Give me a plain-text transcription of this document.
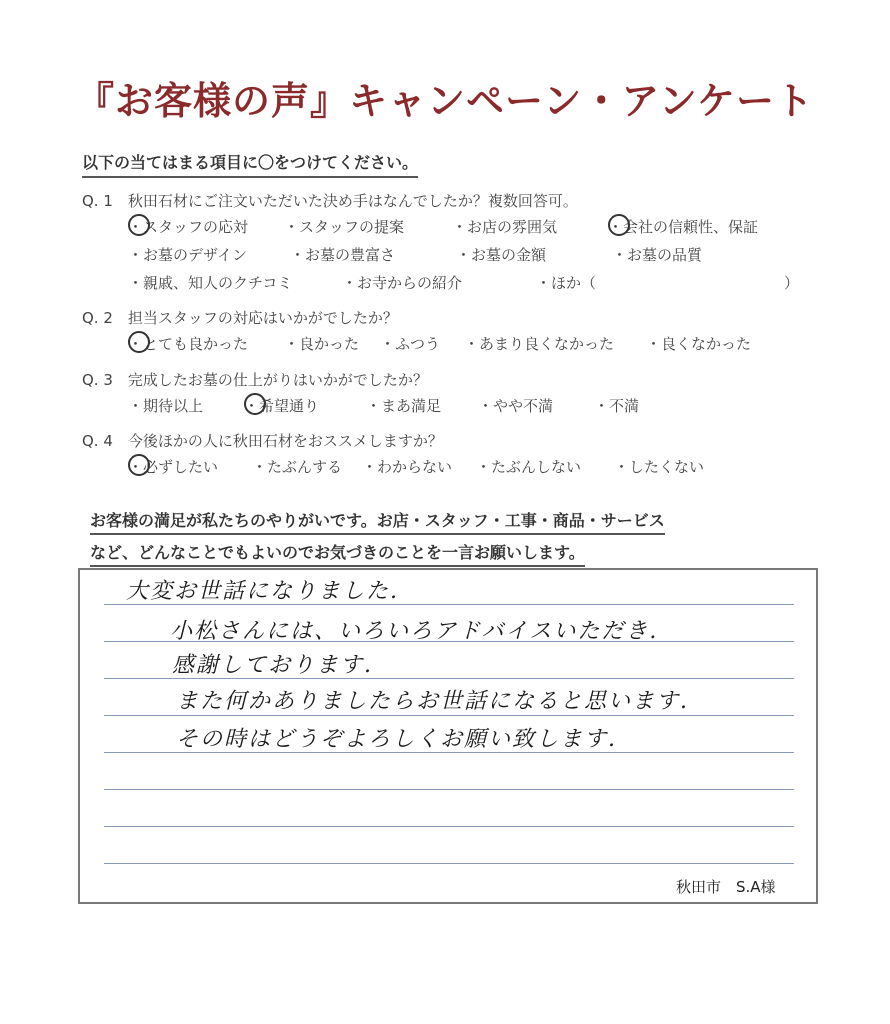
『お客様の声』キャンペーン・アンケート
以下の当てはまる項目に〇をつけてください。
Q. 1　秋田石材にご注文いただいた決め手はなんでしたか？複数回答可。
・スタッフの応対 ・スタッフの提案	・お店の雰囲気	・会社の信頼性、保証
・お墓のデザイン	・お墓の豊富さ	・お墓の金額	・お墓の品質
・親戚、知人のクチコミ	・お寺からの紹介	・ほか（	）
Q. 2　担当スタッフの対応はいかがでしたか？
・とても良かった ・良かった ・ふつう ・あまり良くなかった ・良くなかった
Q. 3　完成したお墓の仕上がりはいかがでしたか？
・期待以上	・希望通り	・まあ満足 ・やや不満	・不満
Q. 4　今後ほかの人に秋田石材をおススメしますか？
・必ずしたい ・たぶんする ・わからない ・たぶんしない ・したくない
お客様の満足が私たちのやりがいです。お店・スタッフ・工事・商品・サービス
など、どんなことでもよいのでお気づきのことを一言お願いします。
大変お世話になりました.
小松さんには、いろいろアドバイスいただき.
感謝しております.
また何かありましたらお世話になると思います.
その時はどうぞよろしくお願い致します.
秋田市　S.A様
